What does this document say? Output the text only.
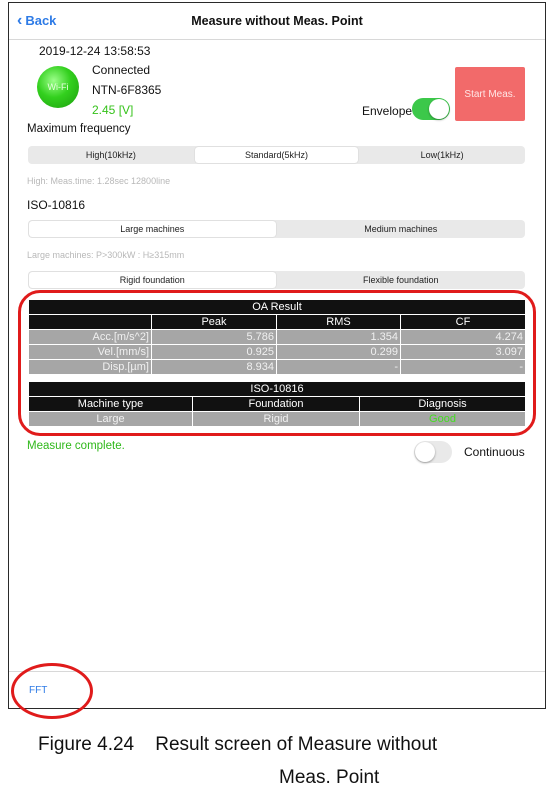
‹ Back	Measure without Meas. Point
2019-12-24 13:58:53
Wi-Fi
Connected
NTN-6F8365
2.45 [V]
Start Meas.
Envelope
Maximum frequency
High(10kHz)	Standard(5kHz)	Low(1kHz)
High: Meas.time: 1.28sec 12800line
ISO-10816
Large machines	Medium machines
Large machines: P>300kW : H≥315mm
Rigid foundation	Flexible foundation
OA Result			
	Peak	RMS	CF
Acc.[m/s^2]	5.786	1.354	4.274
Vel.[mm/s]	0.925	0.299	3.097
Disp.[µm]	8.934	-	-
ISO-10816		
Machine type	Foundation	Diagnosis
Large	Rigid	Good
Measure complete.	Continuous
FFT
Figure 4.24    Result screen of Measure without
Meas. Point
